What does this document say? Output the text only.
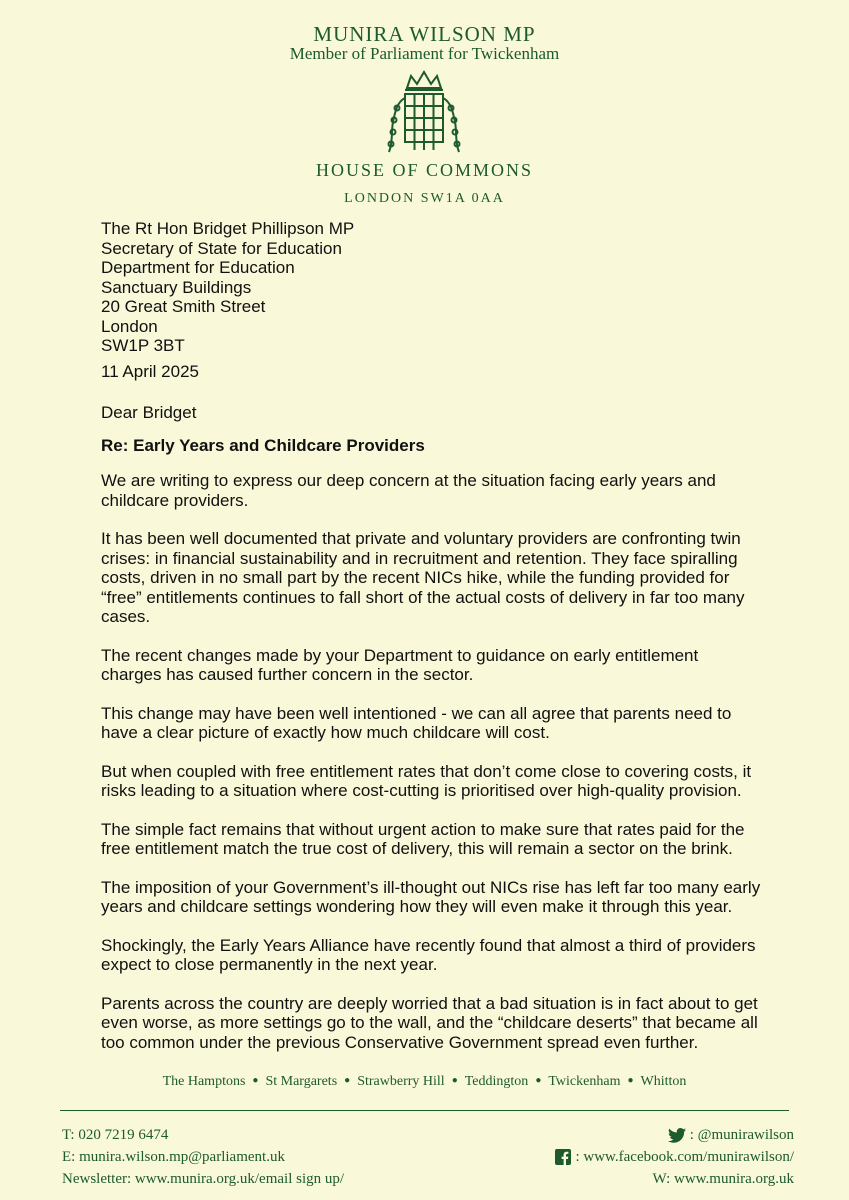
MUNIRA WILSON MP
Member of Parliament for Twickenham
HOUSE OF COMMONS
LONDON SW1A 0AA
The Rt Hon Bridget Phillipson MP
Secretary of State for Education
Department for Education
Sanctuary Buildings
20 Great Smith Street
London
SW1P 3BT
11 April 2025
Dear Bridget
Re: Early Years and Childcare Providers

We are writing to express our deep concern at the situation facing early years and childcare providers.

It has been well documented that private and voluntary providers are confronting twin crises: in financial sustainability and in recruitment and retention. They face spiralling costs, driven in no small part by the recent NICs hike, while the funding provided for “free” entitlements continues to fall short of the actual costs of delivery in far too many cases.

The recent changes made by your Department to guidance on early entitlement charges has caused further concern in the sector.

This change may have been well intentioned - we can all agree that parents need to have a clear picture of exactly how much childcare will cost.

But when coupled with free entitlement rates that don’t come close to covering costs, it risks leading to a situation where cost-cutting is prioritised over high-quality provision.

The simple fact remains that without urgent action to make sure that rates paid for the free entitlement match the true cost of delivery, this will remain a sector on the brink.

The imposition of your Government’s ill-thought out NICs rise has left far too many early years and childcare settings wondering how they will even make it through this year.

Shockingly, the Early Years Alliance have recently found that almost a third of providers expect to close permanently in the next year.

Parents across the country are deeply worried that a bad situation is in fact about to get even worse, as more settings go to the wall, and the “childcare deserts” that became all too common under the previous Conservative Government spread even further.

The Hamptons ● St Margarets ● Strawberry Hill ● Teddington ● Twickenham ● Whitton
T: 020 7219 6474
E: munira.wilson.mp@parliament.uk
Newsletter: www.munira.org.uk/email sign up/
: @munirawilson
: www.facebook.com/munirawilson/
W: www.munira.org.uk
